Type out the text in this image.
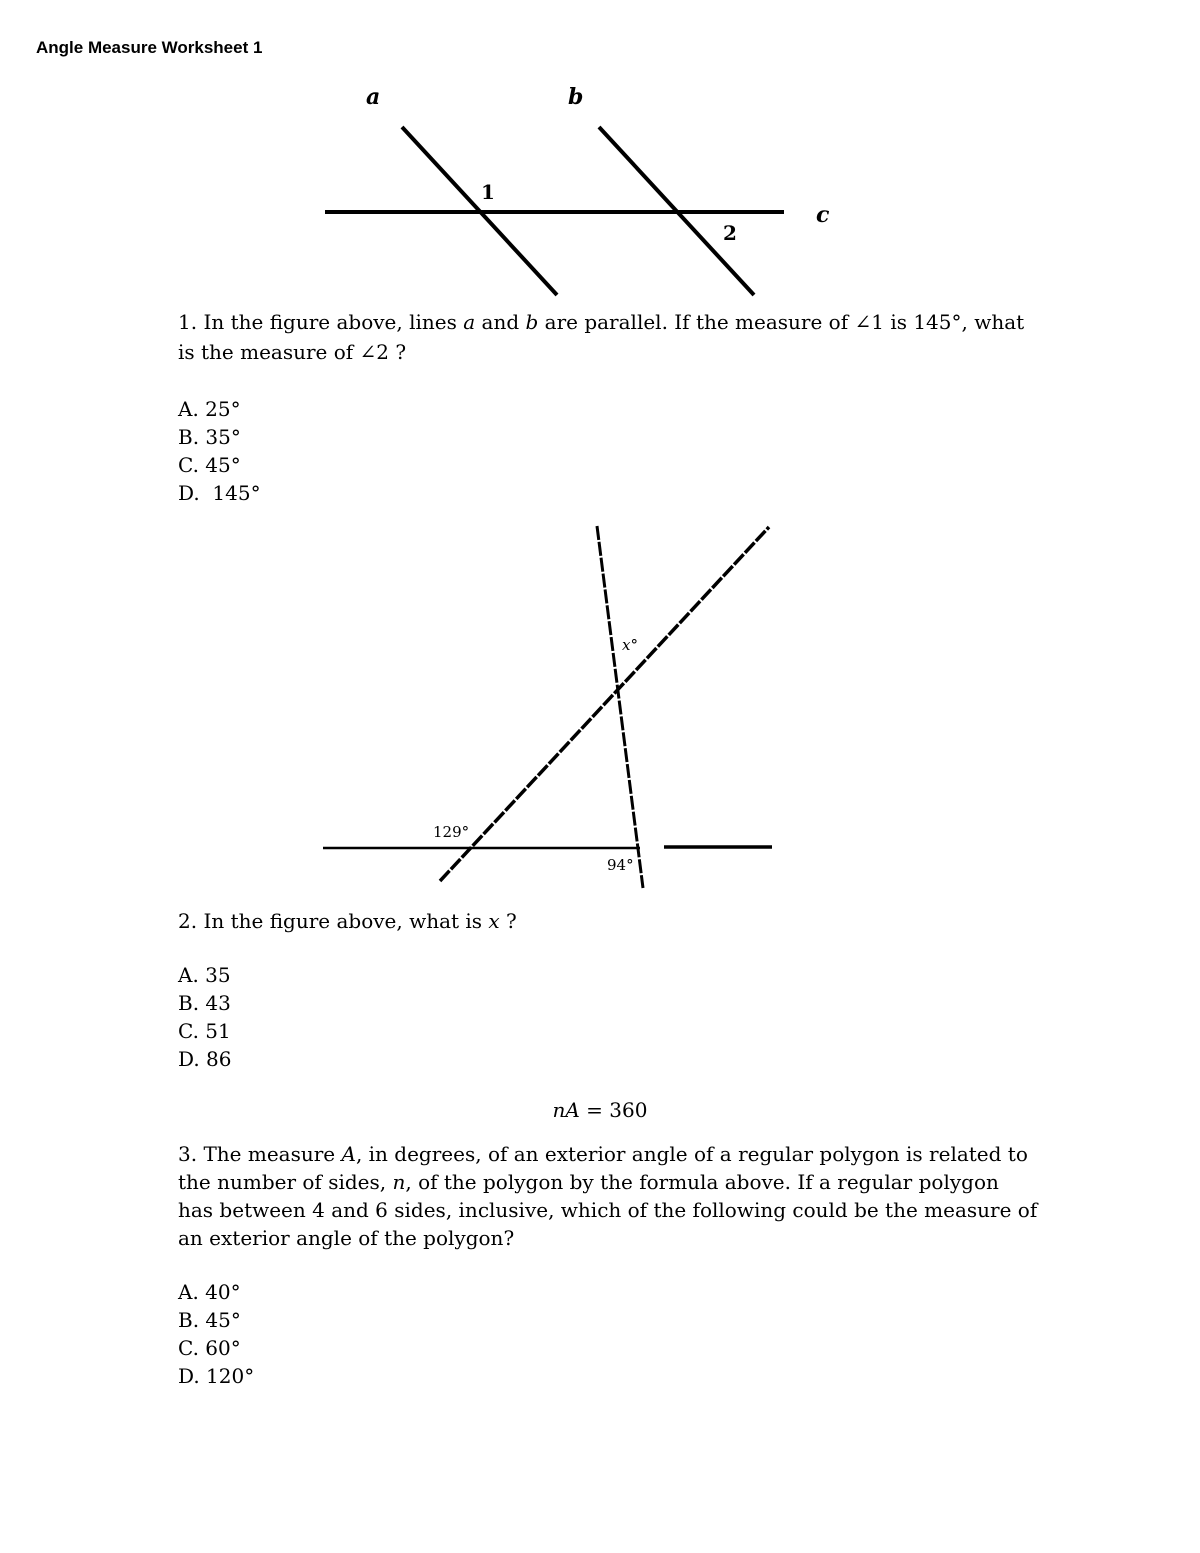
Angle Measure Worksheet 1
a	b
c
1
2
1. In the figure above, lines a and b are parallel. If the measure of ∠1 is 145°, what is the measure of ∠2 ?
A. 25°
B. 35°
C. 45°
D.  145°
x°
129°
94°
2. In the figure above, what is x ?
A. 35
B. 43
C. 51
D. 86
nA = 360
3. The measure A, in degrees, of an exterior angle of a regular polygon is related to the number of sides, n, of the polygon by the formula above. If a regular polygon has between 4 and 6 sides, inclusive, which of the following could be the measure of an exterior angle of the polygon?
A. 40°
B. 45°
C. 60°
D. 120°
